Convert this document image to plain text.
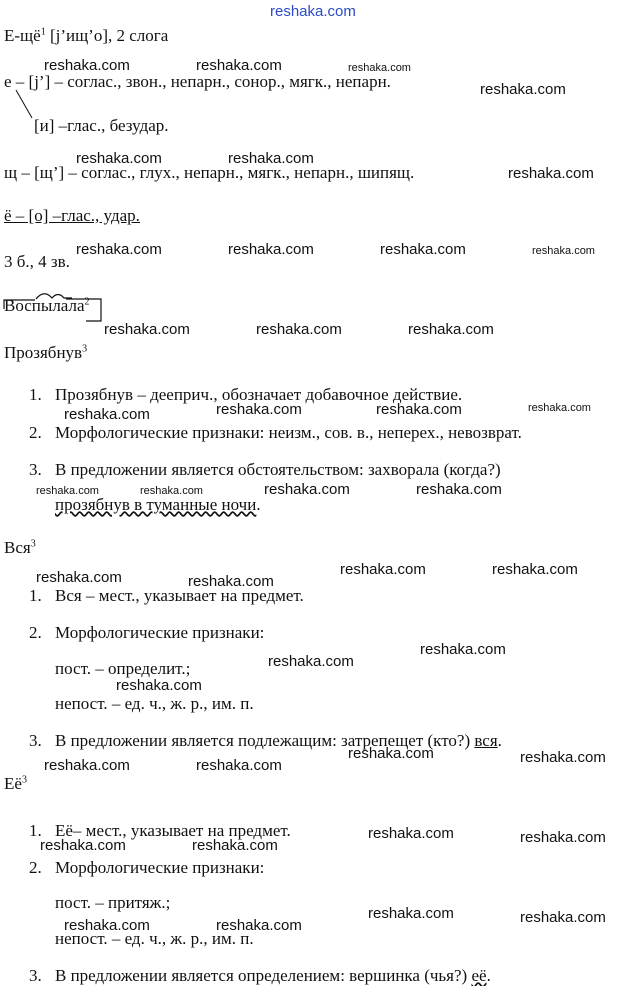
reshaka.com
$Е-щё^1$ [j’ищ’о], 2 слога
е – [j’] – соглас., звон., непарн., сонор., мягк., непарн.
[и] –глас., безудар.
щ – [щ’] – соглас., глух., непарн., мягк., непарн., шипящ.
ё – [о] –глас., удар.
3 б., 4 зв.
Воспылала$^2$
Прозябнув$^3$
1. Прозябнув – дееприч., обозначает добавочное действие.
2. Морфологические признаки: неизм., сов. в., неперех., невозврат.
3. В предложении является обстоятельством: захворала (когда?)
прозябнув в туманные ночи.
Вся$^3$
1. Вся – мест., указывает на предмет.
2. Морфологические признаки:
пост. – определит.;
непост. – ед. ч., ж. р., им. п.
3. В предложении является подлежащим: затрепещет (кто?) вся.
$Её^3$
1. Её– мест., указывает на предмет.
2. Морфологические признаки:
пост. – притяж.;
непост. – ед. ч., ж. р., им. п.
3. В предложении является определением: вершинка (чья?) её.
reshaka.com	reshaka.com	reshaka.com
reshaka.com
reshaka.com	reshaka.com
reshaka.com
reshaka.com	reshaka.com	reshaka.com	reshaka.com
reshaka.com	reshaka.com	reshaka.com
reshaka.com	reshaka.com	reshaka.com	reshaka.com
reshaka.com	reshaka.com	reshaka.com	reshaka.com
reshaka.com	reshaka.com
reshaka.com	reshaka.com
reshaka.com
reshaka.com
reshaka.com
reshaka.com
reshaka.com	reshaka.com	reshaka.com
reshaka.com	reshaka.com
reshaka.com	reshaka.com
reshaka.com	reshaka.com
reshaka.com	reshaka.com
